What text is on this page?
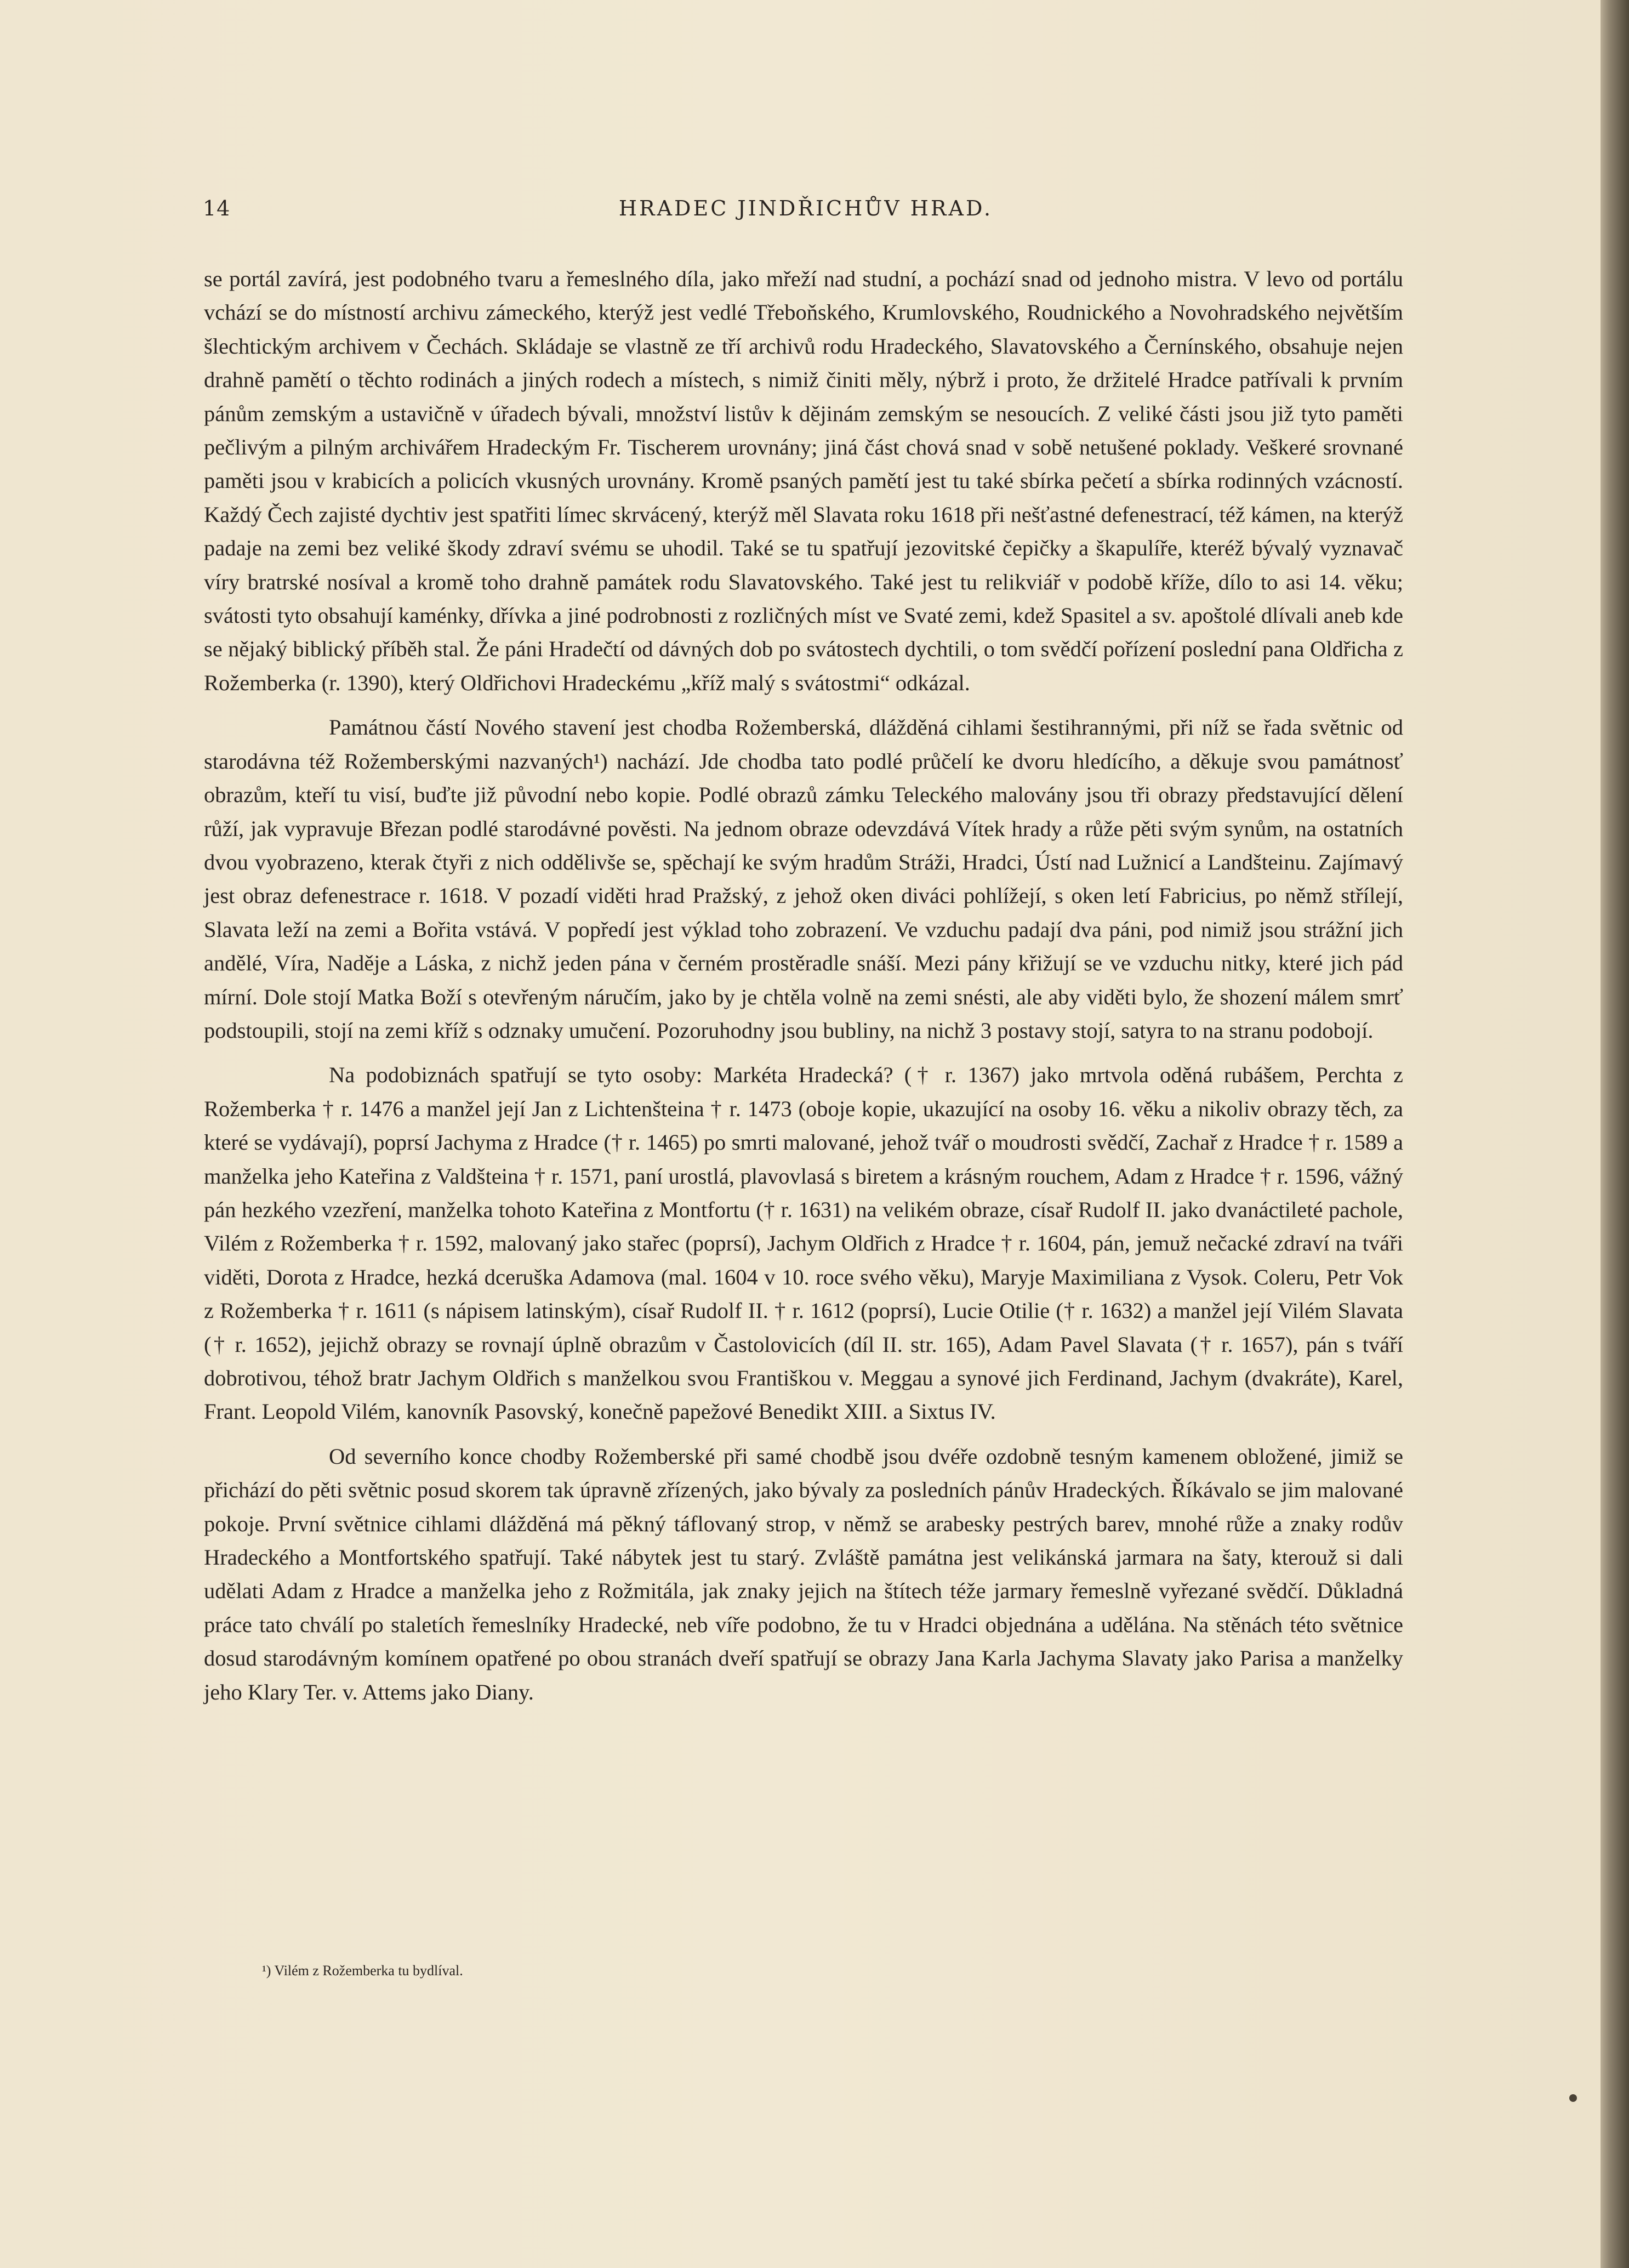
14	HRADEC JINDŘICHŮV HRAD.

se portál zavírá, jest podobného tvaru a řemeslného díla, jako mřeží nad studní, a pochází snad od jednoho mistra. V levo od portálu vchází se do místností archivu zámeckého, kterýž jest vedlé Třeboňského, Krumlovského, Roudnického a Novohradského největším šlechtickým archivem v Čechách. Skládaje se vlastně ze tří archivů rodu Hradeckého, Slavatovského a Černínského, obsahuje nejen drahně pamětí o těchto rodinách a jiných rodech a místech, s nimiž činiti měly, nýbrž i proto, že držitelé Hradce patřívali k prvním pánům zemským a ustavičně v úřadech bývali, množství listův k dějinám zemským se nesoucích. Z veliké části jsou již tyto paměti pečlivým a pilným archivářem Hradeckým Fr. Tischerem urovnány; jiná část chová snad v sobě netušené poklady. Veškeré srovnané paměti jsou v krabicích a policích vkusných urovnány. Kromě psaných pamětí jest tu také sbírka pečetí a sbírka rodinných vzácností. Každý Čech zajisté dychtiv jest spatřiti límec skrvácený, kterýž měl Slavata roku 1618 při nešťastné defenestrací, též kámen, na kterýž padaje na zemi bez veliké škody zdraví svému se uhodil. Také se tu spatřují jezovitské čepičky a škapulíře, kteréž bývalý vyznavač víry bratrské nosíval a kromě toho drahně památek rodu Slavatovského. Také jest tu relikviář v podobě kříže, dílo to asi 14. věku; svátosti tyto obsahují kaménky, dřívka a jiné podrobnosti z rozličných míst ve Svaté zemi, kdež Spasitel a sv. apoštolé dlívali aneb kde se nějaký biblický příběh stal. Že páni Hradečtí od dávných dob po svátostech dychtili, o tom svědčí pořízení poslední pana Oldřicha z Rožemberka (r. 1390), který Oldřichovi Hradeckému „kříž malý s svátostmi“ odkázal.

Památnou částí Nového stavení jest chodba Rožemberská, dlážděná cihlami šestihrannými, při níž se řada světnic od starodávna též Rožemberskými nazvaných¹) nachází. Jde chodba tato podlé průčelí ke dvoru hledícího, a děkuje svou památnosť obrazům, kteří tu visí, buďte již původní nebo kopie. Podlé obrazů zámku Teleckého malovány jsou tři obrazy představující dělení růží, jak vypravuje Březan podlé starodávné pověsti. Na jednom obraze odevzdává Vítek hrady a růže pěti svým synům, na ostatních dvou vyobrazeno, kterak čtyři z nich oddělivše se, spěchají ke svým hradům Stráži, Hradci, Ústí nad Lužnicí a Landšteinu. Zajímavý jest obraz defenestrace r. 1618. V pozadí viděti hrad Pražský, z jehož oken diváci pohlížejí, s oken letí Fabricius, po němž střílejí, Slavata leží na zemi a Bořita vstává. V popředí jest výklad toho zobrazení. Ve vzduchu padají dva páni, pod nimiž jsou strážní jich andělé, Víra, Naděje a Láska, z nichž jeden pána v černém prostěradle snáší. Mezi pány křižují se ve vzduchu nitky, které jich pád mírní. Dole stojí Matka Boží s otevřeným náručím, jako by je chtěla volně na zemi snésti, ale aby viděti bylo, že shození málem smrť podstoupili, stojí na zemi kříž s odznaky umučení. Pozoruhodny jsou bubliny, na nichž 3 postavy stojí, satyra to na stranu podobojí.

Na podobiznách spatřují se tyto osoby: Markéta Hradecká? († r. 1367) jako mrtvola oděná rubášem, Perchta z Rožemberka † r. 1476 a manžel její Jan z Lichtenšteina † r. 1473 (oboje kopie, ukazující na osoby 16. věku a nikoliv obrazy těch, za které se vydávají), poprsí Jachyma z Hradce († r. 1465) po smrti malované, jehož tvář o moudrosti svědčí, Zachař z Hradce † r. 1589 a manželka jeho Kateřina z Valdšteina † r. 1571, paní urostlá, plavovlasá s biretem a krásným rouchem, Adam z Hradce † r. 1596, vážný pán hezkého vzezření, manželka tohoto Kateřina z Montfortu († r. 1631) na velikém obraze, císař Rudolf II. jako dvanáctileté pachole, Vilém z Rožemberka † r. 1592, malovaný jako stařec (poprsí), Jachym Oldřich z Hradce † r. 1604, pán, jemuž nečacké zdraví na tváři viděti, Dorota z Hradce, hezká dceruška Adamova (mal. 1604 v 10. roce svého věku), Maryje Maximiliana z Vysok. Coleru, Petr Vok z Rožemberka † r. 1611 (s nápisem latinským), císař Rudolf II. † r. 1612 (poprsí), Lucie Otilie († r. 1632) a manžel její Vilém Slavata († r. 1652), jejichž obrazy se rovnají úplně obrazům v Častolovicích (díl II. str. 165), Adam Pavel Slavata († r. 1657), pán s tváří dobrotivou, téhož bratr Jachym Oldřich s manželkou svou Františkou v. Meggau a synové jich Ferdinand, Jachym (dvakráte), Karel, Frant. Leopold Vilém, kanovník Pasovský, konečně papežové Benedikt XIII. a Sixtus IV.

Od severního konce chodby Rožemberské při samé chodbě jsou dvéře ozdobně tesným kamenem obložené, jimiž se přichází do pěti světnic posud skorem tak úpravně zřízených, jako bývaly za posledních pánův Hradeckých. Říkávalo se jim malované pokoje. První světnice cihlami dlážděná má pěkný táflovaný strop, v němž se arabesky pestrých barev, mnohé růže a znaky rodův Hradeckého a Montfortského spatřují. Také nábytek jest tu starý. Zvláště památna jest velikánská jarmara na šaty, kterouž si dali udělati Adam z Hradce a manželka jeho z Rožmitála, jak znaky jejich na štítech téže jarmary řemeslně vyřezané svědčí. Důkladná práce tato chválí po staletích řemeslníky Hradecké, neb víře podobno, že tu v Hradci objednána a udělána. Na stěnách této světnice dosud starodávným komínem opatřené po obou stranách dveří spatřují se obrazy Jana Karla Jachyma Slavaty jako Parisa a manželky jeho Klary Ter. v. Attems jako Diany.

¹) Vilém z Rožemberka tu bydlíval.
